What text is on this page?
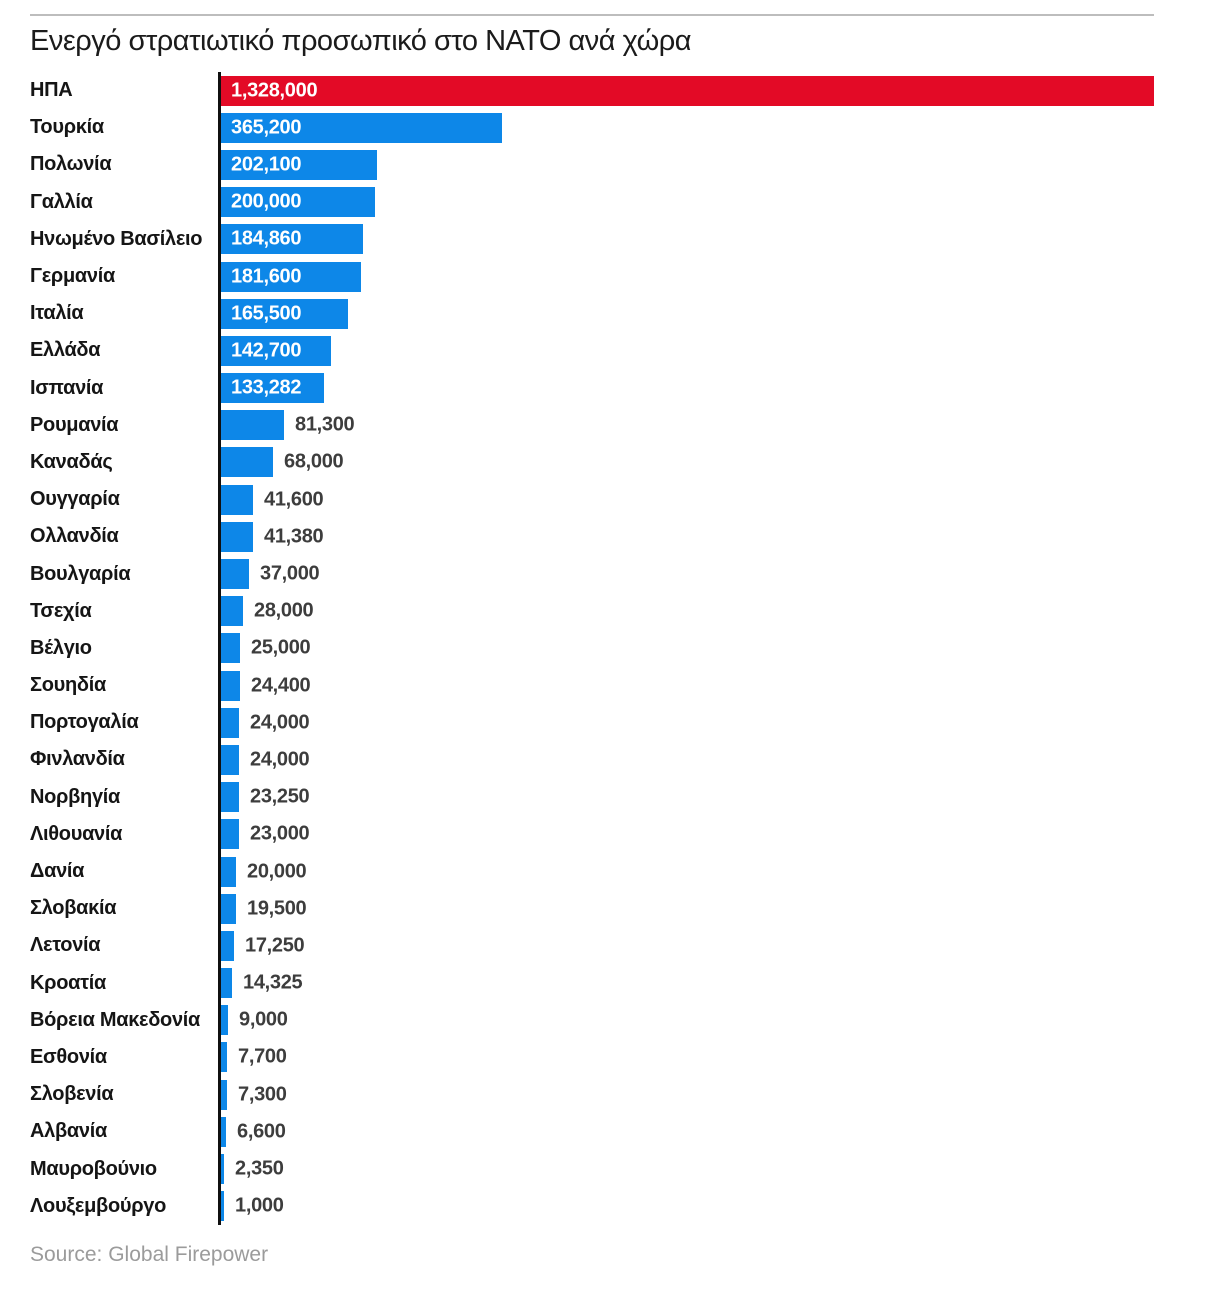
Ενεργό στρατιωτικό προσωπικό στο ΝΑΤΟ ανά χώρα
ΗΠΑ	1,328,000
Τουρκία	365,200
Πολωνία	202,100
Γαλλία	200,000
Ηνωμένο Βασίλειο	184,860
Γερμανία	181,600
Ιταλία	165,500
Ελλάδα	142,700
Ισπανία	133,282
Ρουμανία	81,300
Καναδάς	68,000
Ουγγαρία	41,600
Ολλανδία	41,380
Βουλγαρία	37,000
Τσεχία	28,000
Βέλγιο	25,000
Σουηδία	24,400
Πορτογαλία	24,000
Φινλανδία	24,000
Νορβηγία	23,250
Λιθουανία	23,000
Δανία	20,000
Σλοβακία	19,500
Λετονία	17,250
Κροατία	14,325
Βόρεια Μακεδονία	9,000
Εσθονία	7,700
Σλοβενία	7,300
Αλβανία	6,600
Μαυροβούνιο	2,350
Λουξεμβούργο	1,000
Source: Global Firepower
